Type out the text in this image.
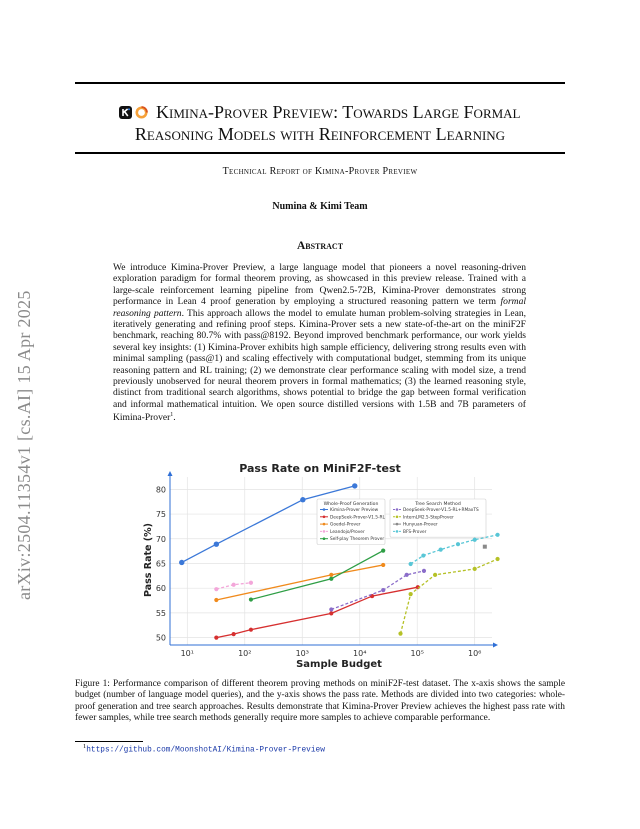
arXiv:2504.11354v1 [cs.AI] 15 Apr 2025
Kimina-Prover Preview: Towards Large Formal
Reasoning Models with Reinforcement Learning
Technical Report of Kimina-Prover Preview
Numina & Kimi Team
Abstract
We introduce Kimina-Prover Preview, a large language model that pioneers a novel reasoning-driven exploration paradigm for formal theorem proving, as showcased in this preview release. Trained with a large-scale reinforcement learning pipeline from Qwen2.5-72B, Kimina-Prover demonstrates strong performance in Lean 4 proof generation by employing a structured reasoning pattern we term formal reasoning pattern. This approach allows the model to emulate human problem-solving strategies in Lean, iteratively generating and refining proof steps. Kimina-Prover sets a new state-of-the-art on the miniF2F benchmark, reaching 80.7% with pass@8192. Beyond improved benchmark performance, our work yields several key insights: (1) Kimina-Prover exhibits high sample efficiency, delivering strong results even with minimal sampling (pass@1) and scaling effectively with computational budget, stemming from its unique reasoning pattern and RL training; (2) we demonstrate clear performance scaling with model size, a trend previously unobserved for neural theorem provers in formal mathematics; (3) the learned reasoning style, distinct from traditional search algorithms, shows potential to bridge the gap between formal verification and informal mathematical intuition. We open source distilled versions with 1.5B and 7B parameters of Kimina-Prover$^1$.
Pass Rate on MiniF2F-test
50
55
60
65
70
75
80
10¹	10²	10³	10⁴	10⁵	10⁶
Whole-Proof Generation
Kimina-Prover Preview
DeepSeek-Prover-V1.5-RL
Goedel-Prover
Leandojo/Prover
Self-play Theorem Prover
Tree Search Method
DeepSeek-Prover-V1.5-RL+RMaxTS
InternLM2.5-StepProver
Hunyuan-Prover
BFS-Prover
Sample Budget
Pass Rate (%)
Figure 1: Performance comparison of different theorem proving methods on miniF2F-test dataset. The x-axis shows the sample budget (number of language model queries), and the y-axis shows the pass rate. Methods are divided into two categories: whole-proof generation and tree search approaches. Results demonstrate that Kimina-Prover Preview achieves the highest pass rate with fewer samples, while tree search methods generally require more samples to achieve comparable performance.
$^1$https://github.com/MoonshotAI/Kimina-Prover-Preview
